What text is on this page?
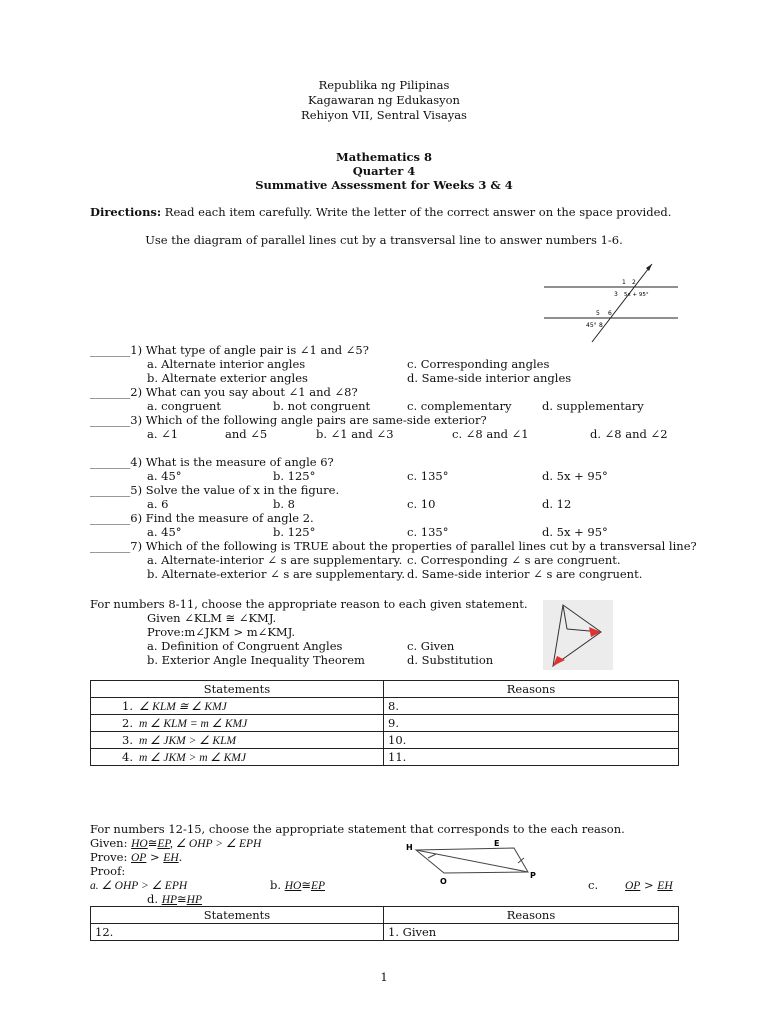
Republika ng Pilipinas
Kagawaran ng Edukasyon
Rehiyon VII, Sentral Visayas
Mathematics 8
Quarter 4
Summative Assessment for Weeks 3 & 4
Directions: Read each item carefully. Write the letter of the correct answer on the space provided.
Use the diagram of parallel lines cut by a transversal line to answer numbers 1-6.
1 2
3 5x + 95°
5 6
45° 8
_______1) What type of angle pair is ∠1 and ∠5?
a. Alternate interior angles	c. Corresponding angles
b. Alternate exterior angles	d. Same-side interior angles
_______2) What can you say about ∠1 and ∠8?
a. congruent	b. not congruent	c. complementary	d. supplementary
_______3) Which of the following angle pairs are same-side exterior?
a. ∠1	and ∠5	b. ∠1 and ∠3	c. ∠8 and ∠1	d. ∠8 and ∠2
_______4) What is the measure of angle 6?
a. 45°	b. 125°	c. 135°	d. 5x + 95°
_______5) Solve the value of x in the figure.
a. 6	b. 8	c. 10	d. 12
_______6) Find the measure of angle 2.
a. 45°	b. 125°	c. 135°	d. 5x + 95°
_______7) Which of the following is TRUE about the properties of parallel lines cut by a transversal line?
a. Alternate-interior ∠ s are supplementary. c. Corresponding ∠ s are congruent.
b. Alternate-exterior ∠ s are supplementary. d. Same-side interior ∠ s are congruent.
For numbers 8-11, choose the appropriate reason to each given statement.
Given ∠KLM ≅ ∠KMJ.
Prove:m∠JKM > m∠KMJ.
a. Definition of Congruent Angles	c. Given
b. Exterior Angle Inequality Theorem	d. Substitution
Statements	Reasons
1. ∠ KLM ≅ ∠ KMJ	8.
2. m ∠ KLM = m ∠ KMJ	9.
3. m ∠ JKM > ∠ KLM	10.
4. m ∠ JKM > m ∠ KMJ	11.
For numbers 12-15, choose the appropriate statement that corresponds to the each reason.
Given: HO≅EP, ∠ OHP > ∠ EPH
Prove: OP > EH.
Proof:
a. ∠ OHP > ∠ EPH	b. HO≅EP	c. OP > EH
d. HP≅HP
H	E
O
P
Statements	Reasons
12.	1. Given
1
